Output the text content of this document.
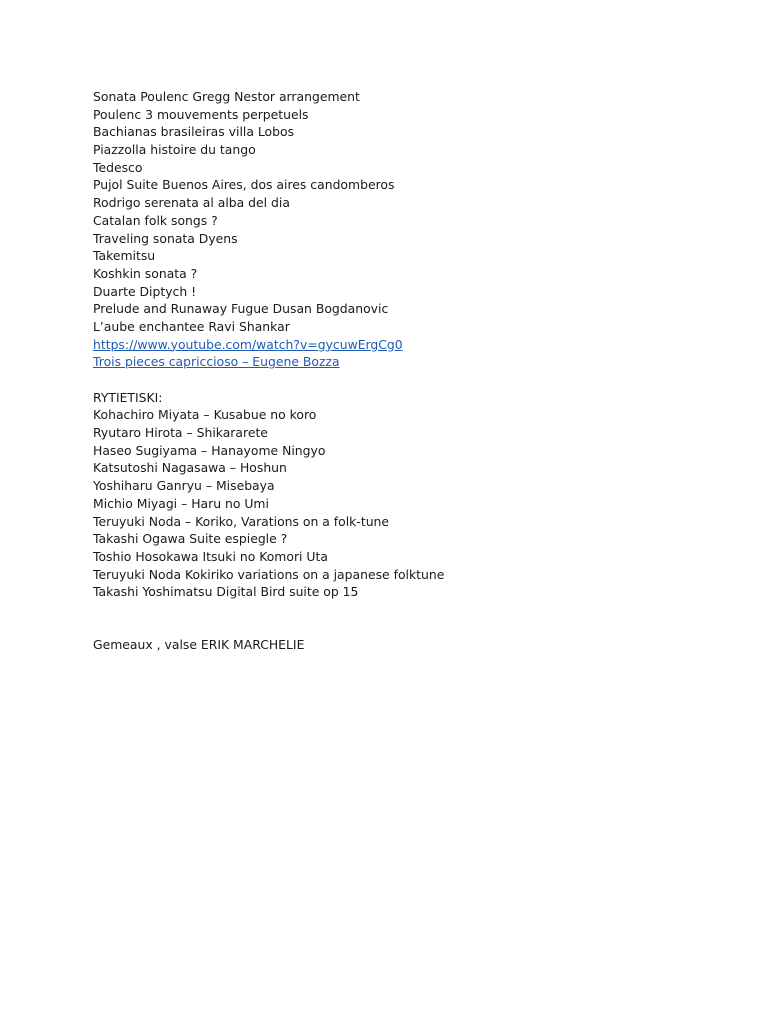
Sonata Poulenc Gregg Nestor arrangement
Poulenc 3 mouvements perpetuels
Bachianas brasileiras villa Lobos
Piazzolla histoire du tango
Tedesco
Pujol Suite Buenos Aires, dos aires candomberos
Rodrigo serenata al alba del dia
Catalan folk songs ?
Traveling sonata Dyens
Takemitsu
Koshkin sonata ?
Duarte Diptych !
Prelude and Runaway Fugue Dusan Bogdanovic
L’aube enchantee Ravi Shankar
https://www.youtube.com/watch?v=gycuwErgCg0
Trois pieces capriccioso – Eugene Bozza
RYTIETISKI:
Kohachiro Miyata – Kusabue no koro
Ryutaro Hirota – Shikararete
Haseo Sugiyama – Hanayome Ningyo
Katsutoshi Nagasawa – Hoshun
Yoshiharu Ganryu – Misebaya
Michio Miyagi – Haru no Umi
Teruyuki Noda – Koriko, Varations on a folk-tune
Takashi Ogawa Suite espiegle ?
Toshio Hosokawa Itsuki no Komori Uta
Teruyuki Noda Kokiriko variations on a japanese folktune
Takashi Yoshimatsu Digital Bird suite op 15
Gemeaux , valse ERIK MARCHELIE
